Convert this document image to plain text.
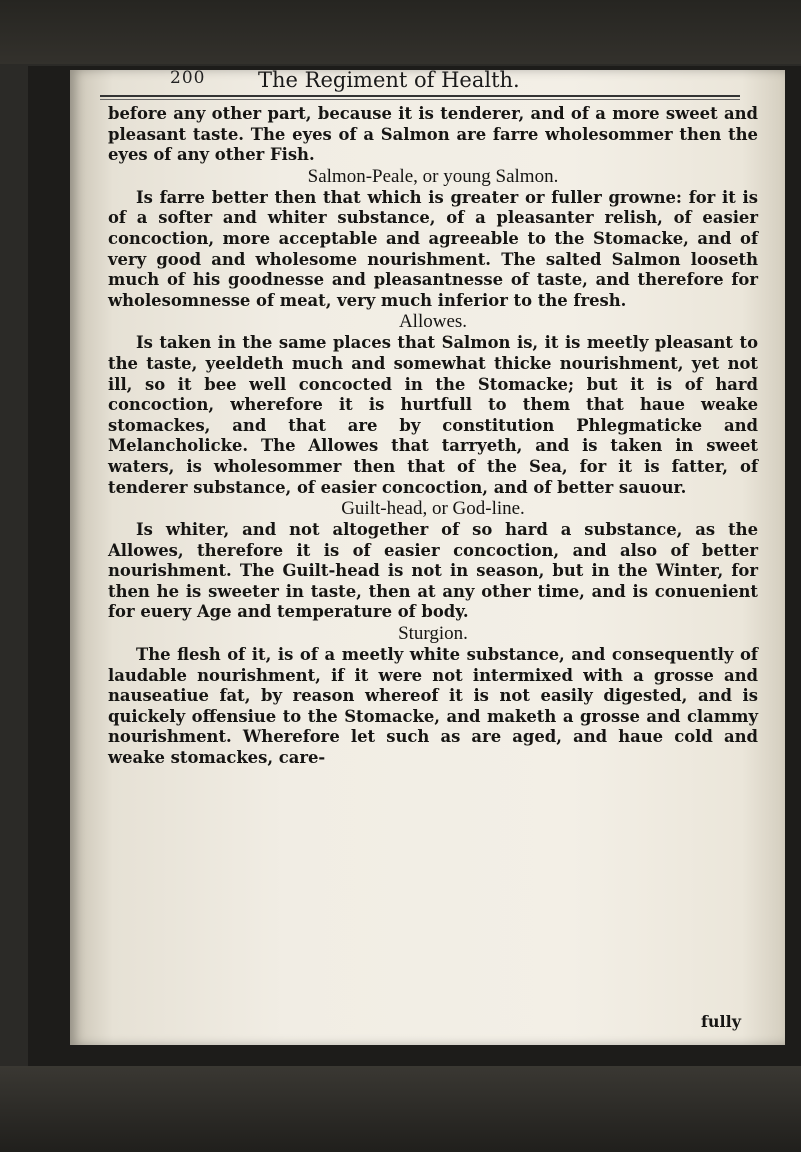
200	The Regiment of Health.

before any other part, because it is tenderer, and of a more sweet and pleasant taste. The eyes of a Salmon are farre wholesommer then the eyes of any other Fish.

Salmon-Peale, or young Salmon.

Is farre better then that which is greater or fuller growne: for it is of a softer and whiter substance, of a pleasanter relish, of easier concoction, more acceptable and agreeable to the Stomacke, and of very good and wholesome nourishment. The salted Salmon looseth much of his goodnesse and pleasantnesse of taste, and therefore for wholesomnesse of meat, very much inferior to the fresh.

Allowes.

Is taken in the same places that Salmon is, it is meetly pleasant to the taste, yeeldeth much and somewhat thicke nourishment, yet not ill, so it bee well concocted in the Stomacke; but it is of hard concoction, wherefore it is hurtfull to them that haue weake stomackes, and that are by constitution Phlegmaticke and Melancholicke. The Allowes that tarryeth, and is taken in sweet waters, is wholesommer then that of the Sea, for it is fatter, of tenderer substance, of easier concoction, and of better sauour.

Guilt-head, or God-line.

Is whiter, and not altogether of so hard a substance, as the Allowes, therefore it is of easier concoction, and also of better nourishment. The Guilt-head is not in season, but in the Winter, for then he is sweeter in taste, then at any other time, and is conuenient for euery Age and temperature of body.

Sturgion.

The flesh of it, is of a meetly white substance, and consequently of laudable nourishment, if it were not intermixed with a grosse and nauseatiue fat, by reason whereof it is not easily digested, and is quickely offensiue to the Stomacke, and maketh a grosse and clammy nourishment. Wherefore let such as are aged, and haue cold and weake stomackes, care-

fully
